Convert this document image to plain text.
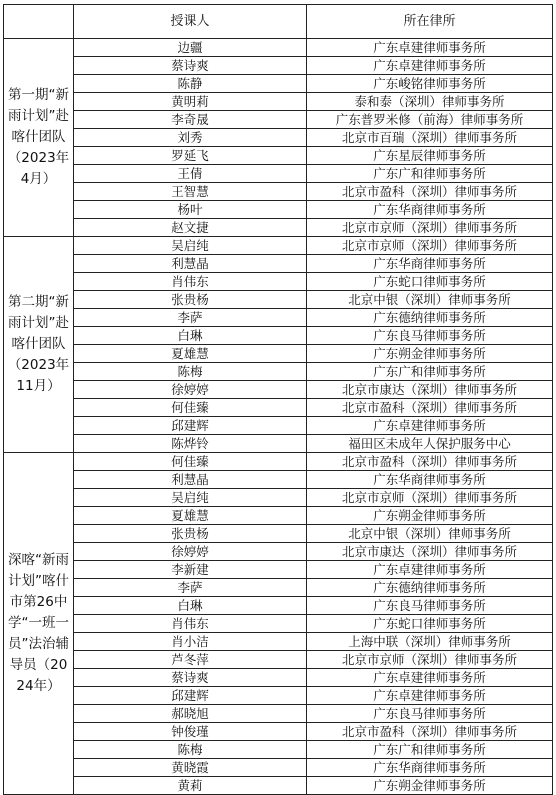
	授课人	所在律所
第一期“新雨计划”赴喀什团队（2023年4月）	边疆	广东卓建律师事务所
	蔡诗爽	广东卓建律师事务所
	陈静	广东峻铭律师事务所
	黄明莉	泰和泰（深圳）律师事务所
	李奇晟	广东普罗米修（前海）律师事务所
	刘秀	北京市百瑞（深圳）律师事务所
	罗延飞	广东星辰律师事务所
	王倩	广东广和律师事务所
	王智慧	北京市盈科（深圳）律师事务所
	杨叶	广东华商律师事务所
	赵文捷	北京市京师（深圳）律师事务所
第二期“新雨计划”赴喀什团队（2023年11月）	吴启纯	北京市京师（深圳）律师事务所
	利慧晶	广东华商律师事务所
	肖伟东	广东蛇口律师事务所
	张贵杨	北京中银（深圳）律师事务所
	李萨	广东德纳律师事务所
	白琳	广东良马律师事务所
	夏雄慧	广东朔金律师事务所
	陈梅	广东广和律师事务所
	徐婷婷	北京市康达（深圳）律师事务所
	何佳臻	北京市盈科（深圳）律师事务所
	邱建辉	广东卓建律师事务所
	陈烨铃	福田区未成年人保护服务中心
深喀“新雨计划”喀什市第26中学“一班一员”法治辅导员（2024年）	何佳臻	北京市盈科（深圳）律师事务所
	利慧晶	广东华商律师事务所
	吴启纯	北京市京师（深圳）律师事务所
	夏雄慧	广东朔金律师事务所
	张贵杨	北京中银（深圳）律师事务所
	徐婷婷	北京市康达（深圳）律师事务所
	李新建	广东卓建律师事务所
	李萨	广东德纳律师事务所
	白琳	广东良马律师事务所
	肖伟东	广东蛇口律师事务所
	肖小洁	上海中联（深圳）律师事务所
	芦冬萍	北京市京师（深圳）律师事务所
	蔡诗爽	广东卓建律师事务所
	邱建辉	广东卓建律师事务所
	郝晓旭	广东良马律师事务所
	钟俊瑾	北京市盈科（深圳）律师事务所
	陈梅	广东广和律师事务所
	黄晓霞	广东华商律师事务所
	黄莉	广东朔金律师事务所
